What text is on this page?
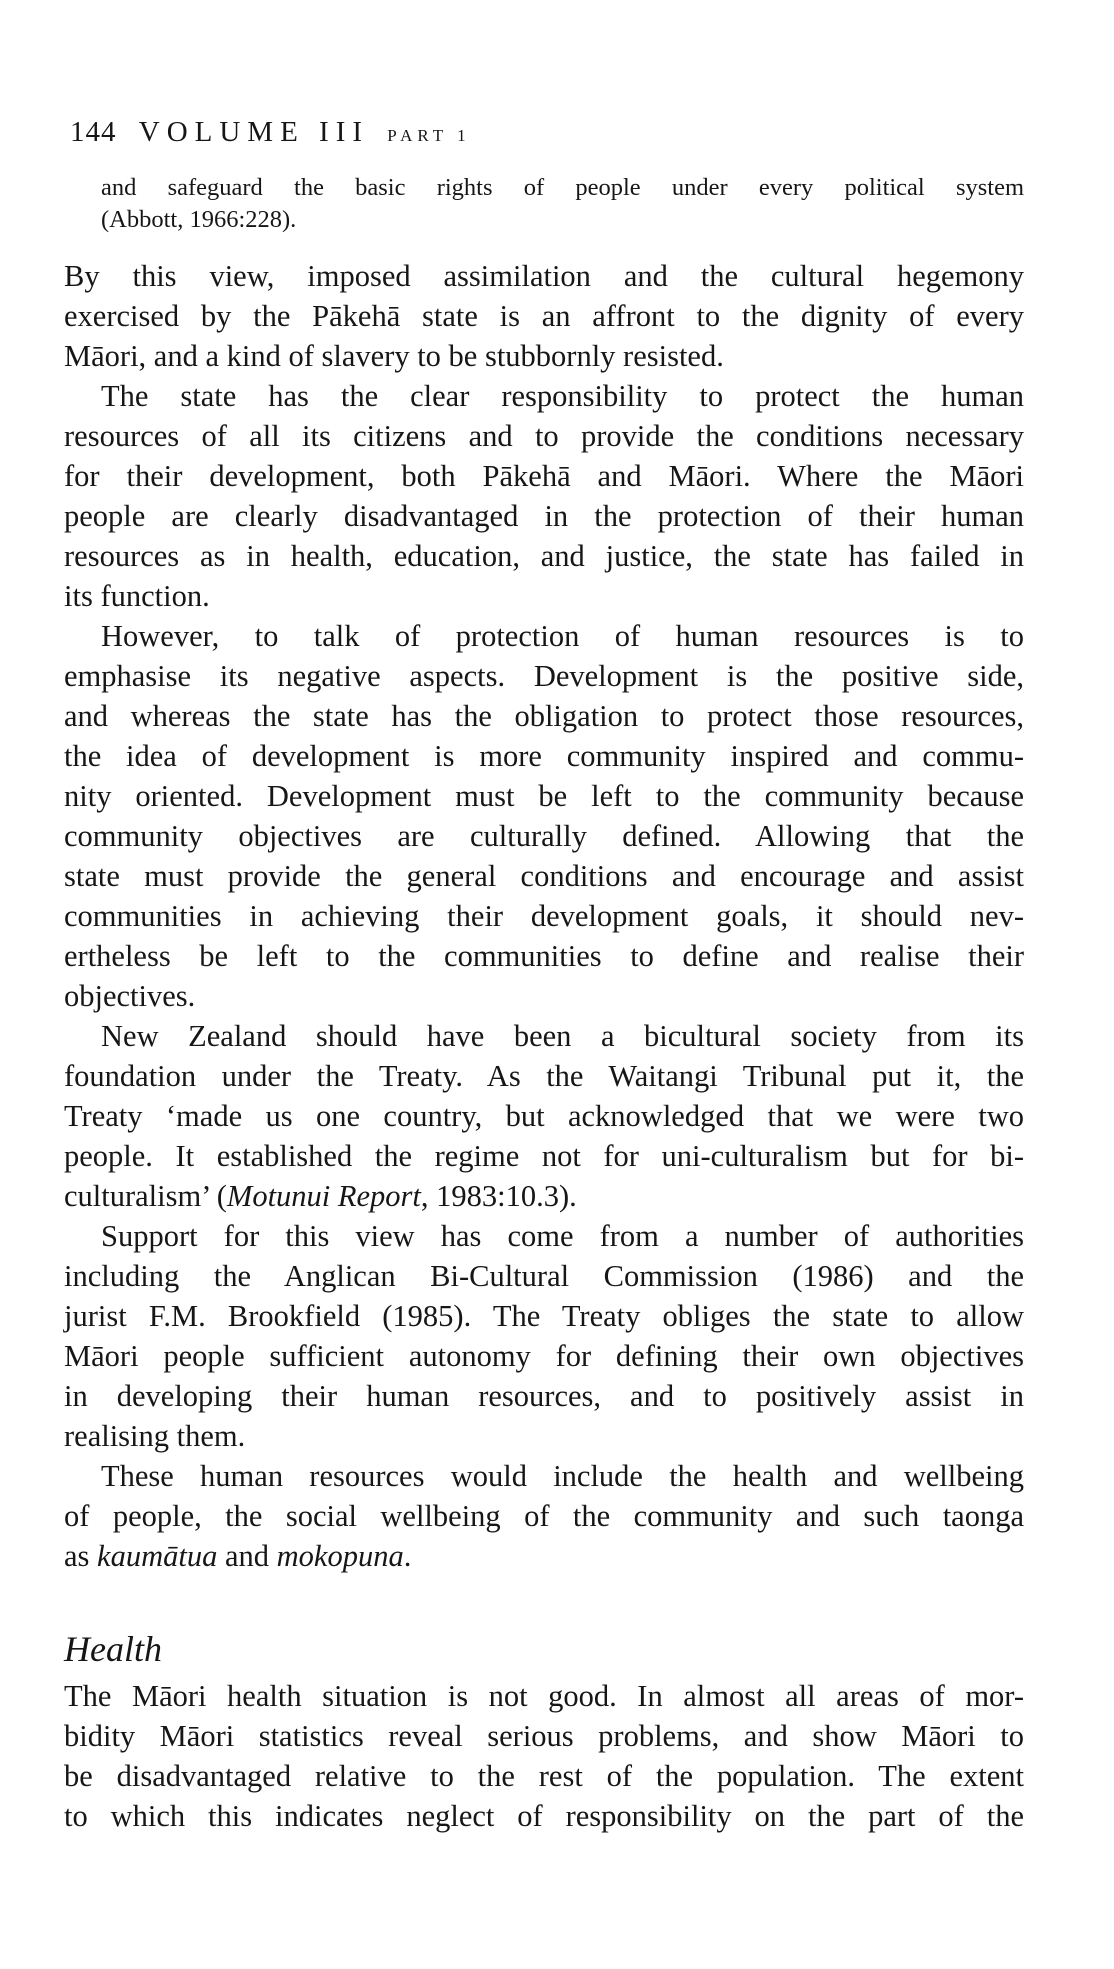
144 VOLUME III PART 1
and safeguard the basic rights of people under every political system
(Abbott, 1966:228).
By this view, imposed assimilation and the cultural hegemony
exercised by the Pākehā state is an affront to the dignity of every
Māori, and a kind of slavery to be stubbornly resisted.
The state has the clear responsibility to protect the human
resources of all its citizens and to provide the conditions necessary
for their development, both Pākehā and Māori. Where the Māori
people are clearly disadvantaged in the protection of their human
resources as in health, education, and justice, the state has failed in
its function.
However, to talk of protection of human resources is to
emphasise its negative aspects. Development is the positive side,
and whereas the state has the obligation to protect those resources,
the idea of development is more community inspired and commu-
nity oriented. Development must be left to the community because
community objectives are culturally defined. Allowing that the
state must provide the general conditions and encourage and assist
communities in achieving their development goals, it should nev-
ertheless be left to the communities to define and realise their
objectives.
New Zealand should have been a bicultural society from its
foundation under the Treaty. As the Waitangi Tribunal put it, the
Treaty ‘made us one country, but acknowledged that we were two
people. It established the regime not for uni-culturalism but for bi-
culturalism’ (Motunui Report, 1983:10.3).
Support for this view has come from a number of authorities
including the Anglican Bi-Cultural Commission (1986) and the
jurist F.M. Brookfield (1985). The Treaty obliges the state to allow
Māori people sufficient autonomy for defining their own objectives
in developing their human resources, and to positively assist in
realising them.
These human resources would include the health and wellbeing
of people, the social wellbeing of the community and such taonga
as kaumātua and mokopuna.
Health
The Māori health situation is not good. In almost all areas of mor-
bidity Māori statistics reveal serious problems, and show Māori to
be disadvantaged relative to the rest of the population. The extent
to which this indicates neglect of responsibility on the part of the
